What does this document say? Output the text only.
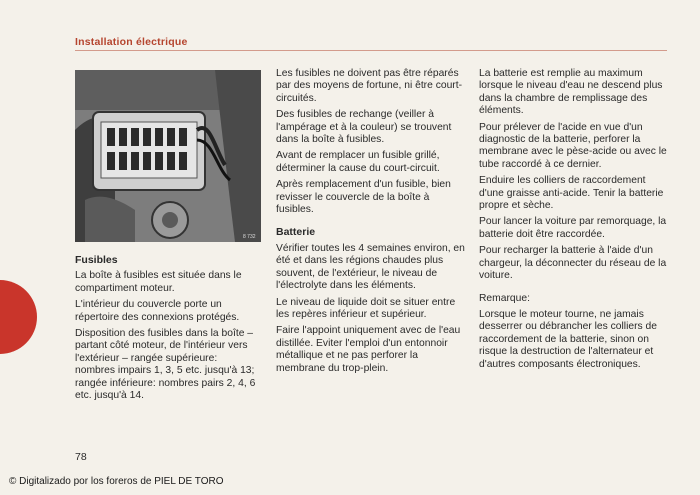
Installation électrique
8 732

Fusibles

La boîte à fusibles est située dans le compartiment moteur.

L'intérieur du couvercle porte un répertoire des connexions protégés.

Disposition des fusibles dans la boîte – partant côté moteur, de l'intérieur vers l'extérieur – rangée supérieure: nombres impairs 1, 3, 5 etc. jusqu'à 13; rangée inférieure: nombres pairs 2, 4, 6 etc. jusqu'à 14.

Les fusibles ne doivent pas être réparés par des moyens de fortune, ni être court-circuités.

Des fusibles de rechange (veiller à l'ampérage et à la couleur) se trouvent dans la boîte à fusibles.

Avant de remplacer un fusible grillé, déterminer la cause du court-circuit.

Après remplacement d'un fusible, bien revisser le couvercle de la boîte à fusibles.

Batterie

Vérifier toutes les 4 semaines environ, en été et dans les régions chaudes plus souvent, de l'extérieur, le niveau de l'électrolyte dans les éléments.

Le niveau de liquide doit se situer entre les repères inférieur et supérieur.

Faire l'appoint uniquement avec de l'eau distillée. Eviter l'emploi d'un entonnoir métallique et ne pas perforer la membrane du trop-plein.

La batterie est remplie au maximum lorsque le niveau d'eau ne descend plus dans la chambre de remplissage des éléments.

Pour prélever de l'acide en vue d'un diagnostic de la batterie, perforer la membrane avec le pèse-acide ou avec le tube raccordé à ce dernier.

Enduire les colliers de raccordement d'une graisse anti-acide. Tenir la batterie propre et sèche.

Pour lancer la voiture par remorquage, la batterie doit être raccordée.

Pour recharger la batterie à l'aide d'un chargeur, la déconnecter du réseau de la voiture.

Remarque:

Lorsque le moteur tourne, ne jamais desserrer ou débrancher les colliers de raccordement de la batterie, sinon on risque la destruction de l'alternateur et d'autres composants électroniques.

78
© Digitalizado por los foreros de PIEL DE TORO
